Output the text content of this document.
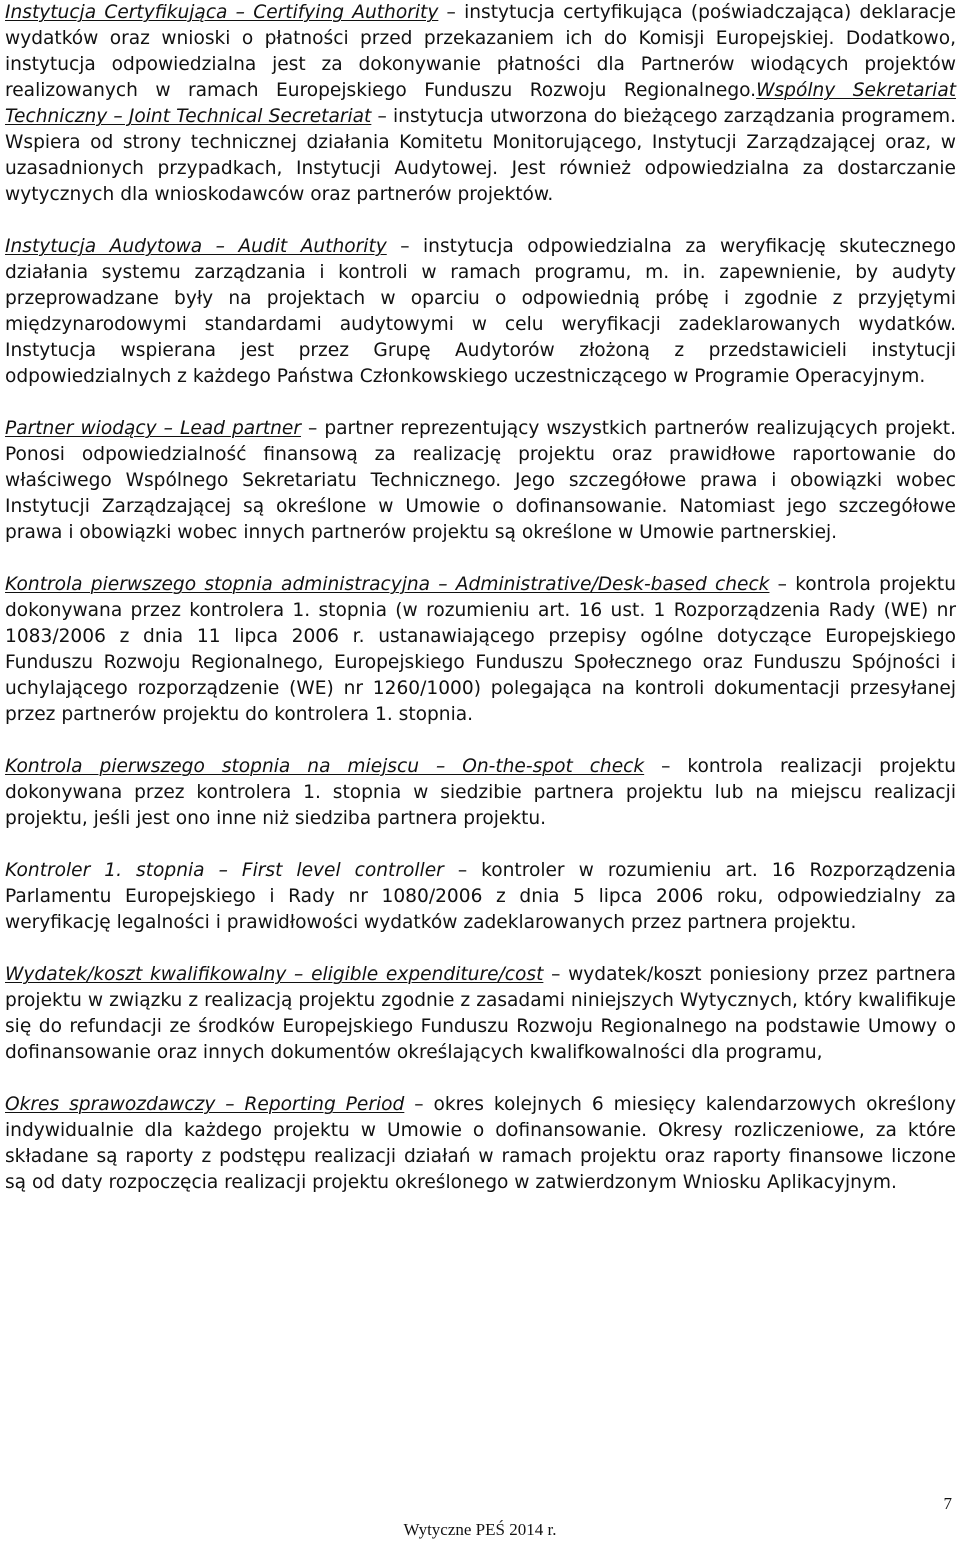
Instytucja Certyfikująca – Certifying Authority – instytucja certyfikująca (poświadczająca) deklaracje wydatków oraz wnioski o płatności przed przekazaniem ich do Komisji Europejskiej. Dodatkowo, instytucja odpowiedzialna jest za dokonywanie płatności dla Partnerów wiodących projektów realizowanych w ramach Europejskiego Funduszu Rozwoju Regionalnego.Wspólny Sekretariat Techniczny – Joint Technical Secretariat – instytucja utworzona do bieżącego zarządzania programem. Wspiera od strony technicznej działania Komitetu Monitorującego, Instytucji Zarządzającej oraz, w uzasadnionych przypadkach, Instytucji Audytowej. Jest również odpowiedzialna za dostarczanie wytycznych dla wnioskodawców oraz partnerów projektów.

Instytucja Audytowa – Audit Authority – instytucja odpowiedzialna za weryfikację skutecznego działania systemu zarządzania i kontroli w ramach programu, m. in. zapewnienie, by audyty przeprowadzane były na projektach w oparciu o odpowiednią próbę i zgodnie z przyjętymi międzynarodowymi standardami audytowymi w celu weryfikacji zadeklarowanych wydatków. Instytucja wspierana jest przez Grupę Audytorów złożoną z przedstawicieli instytucji odpowiedzialnych z każdego Państwa Członkowskiego uczestniczącego w Programie Operacyjnym.

Partner wiodący – Lead partner – partner reprezentujący wszystkich partnerów realizujących projekt. Ponosi odpowiedzialność finansową za realizację projektu oraz prawidłowe raportowanie do właściwego Wspólnego Sekretariatu Technicznego. Jego szczegółowe prawa i obowiązki wobec Instytucji Zarządzającej są określone w Umowie o dofinansowanie. Natomiast jego szczegółowe prawa i obowiązki wobec innych partnerów projektu są określone w Umowie partnerskiej.

Kontrola pierwszego stopnia administracyjna – Administrative/Desk-based check – kontrola projektu dokonywana przez kontrolera 1. stopnia (w rozumieniu art. 16 ust. 1 Rozporządzenia Rady (WE) nr 1083/2006 z dnia 11 lipca 2006 r. ustanawiającego przepisy ogólne dotyczące Europejskiego Funduszu Rozwoju Regionalnego, Europejskiego Funduszu Społecznego oraz Funduszu Spójności i uchylającego rozporządzenie (WE) nr 1260/1000) polegająca na kontroli dokumentacji przesyłanej przez partnerów projektu do kontrolera 1. stopnia.

Kontrola pierwszego stopnia na miejscu – On-the-spot check – kontrola realizacji projektu dokonywana przez kontrolera 1. stopnia w siedzibie partnera projektu lub na miejscu realizacji projektu, jeśli jest ono inne niż siedziba partnera projektu.

Kontroler 1. stopnia – First level controller – kontroler w rozumieniu art. 16 Rozporządzenia Parlamentu Europejskiego i Rady nr 1080/2006 z dnia 5 lipca 2006 roku, odpowiedzialny za weryfikację legalności i prawidłowości wydatków zadeklarowanych przez partnera projektu.

Wydatek/koszt kwalifikowalny – eligible expenditure/cost – wydatek/koszt poniesiony przez partnera projektu w związku z realizacją projektu zgodnie z zasadami niniejszych Wytycznych, który kwalifikuje się do refundacji ze środków Europejskiego Funduszu Rozwoju Regionalnego na podstawie Umowy o dofinansowanie oraz innych dokumentów określających kwalifkowalności dla programu,

Okres sprawozdawczy – Reporting Period – okres kolejnych 6 miesięcy kalendarzowych określony indywidualnie dla każdego projektu w Umowie o dofinansowanie. Okresy rozliczeniowe, za które składane są raporty z podstępu realizacji działań w ramach projektu oraz raporty finansowe liczone są od daty rozpoczęcia realizacji projektu określonego w zatwierdzonym Wniosku Aplikacyjnym.

7
Wytyczne PEŚ 2014 r.
